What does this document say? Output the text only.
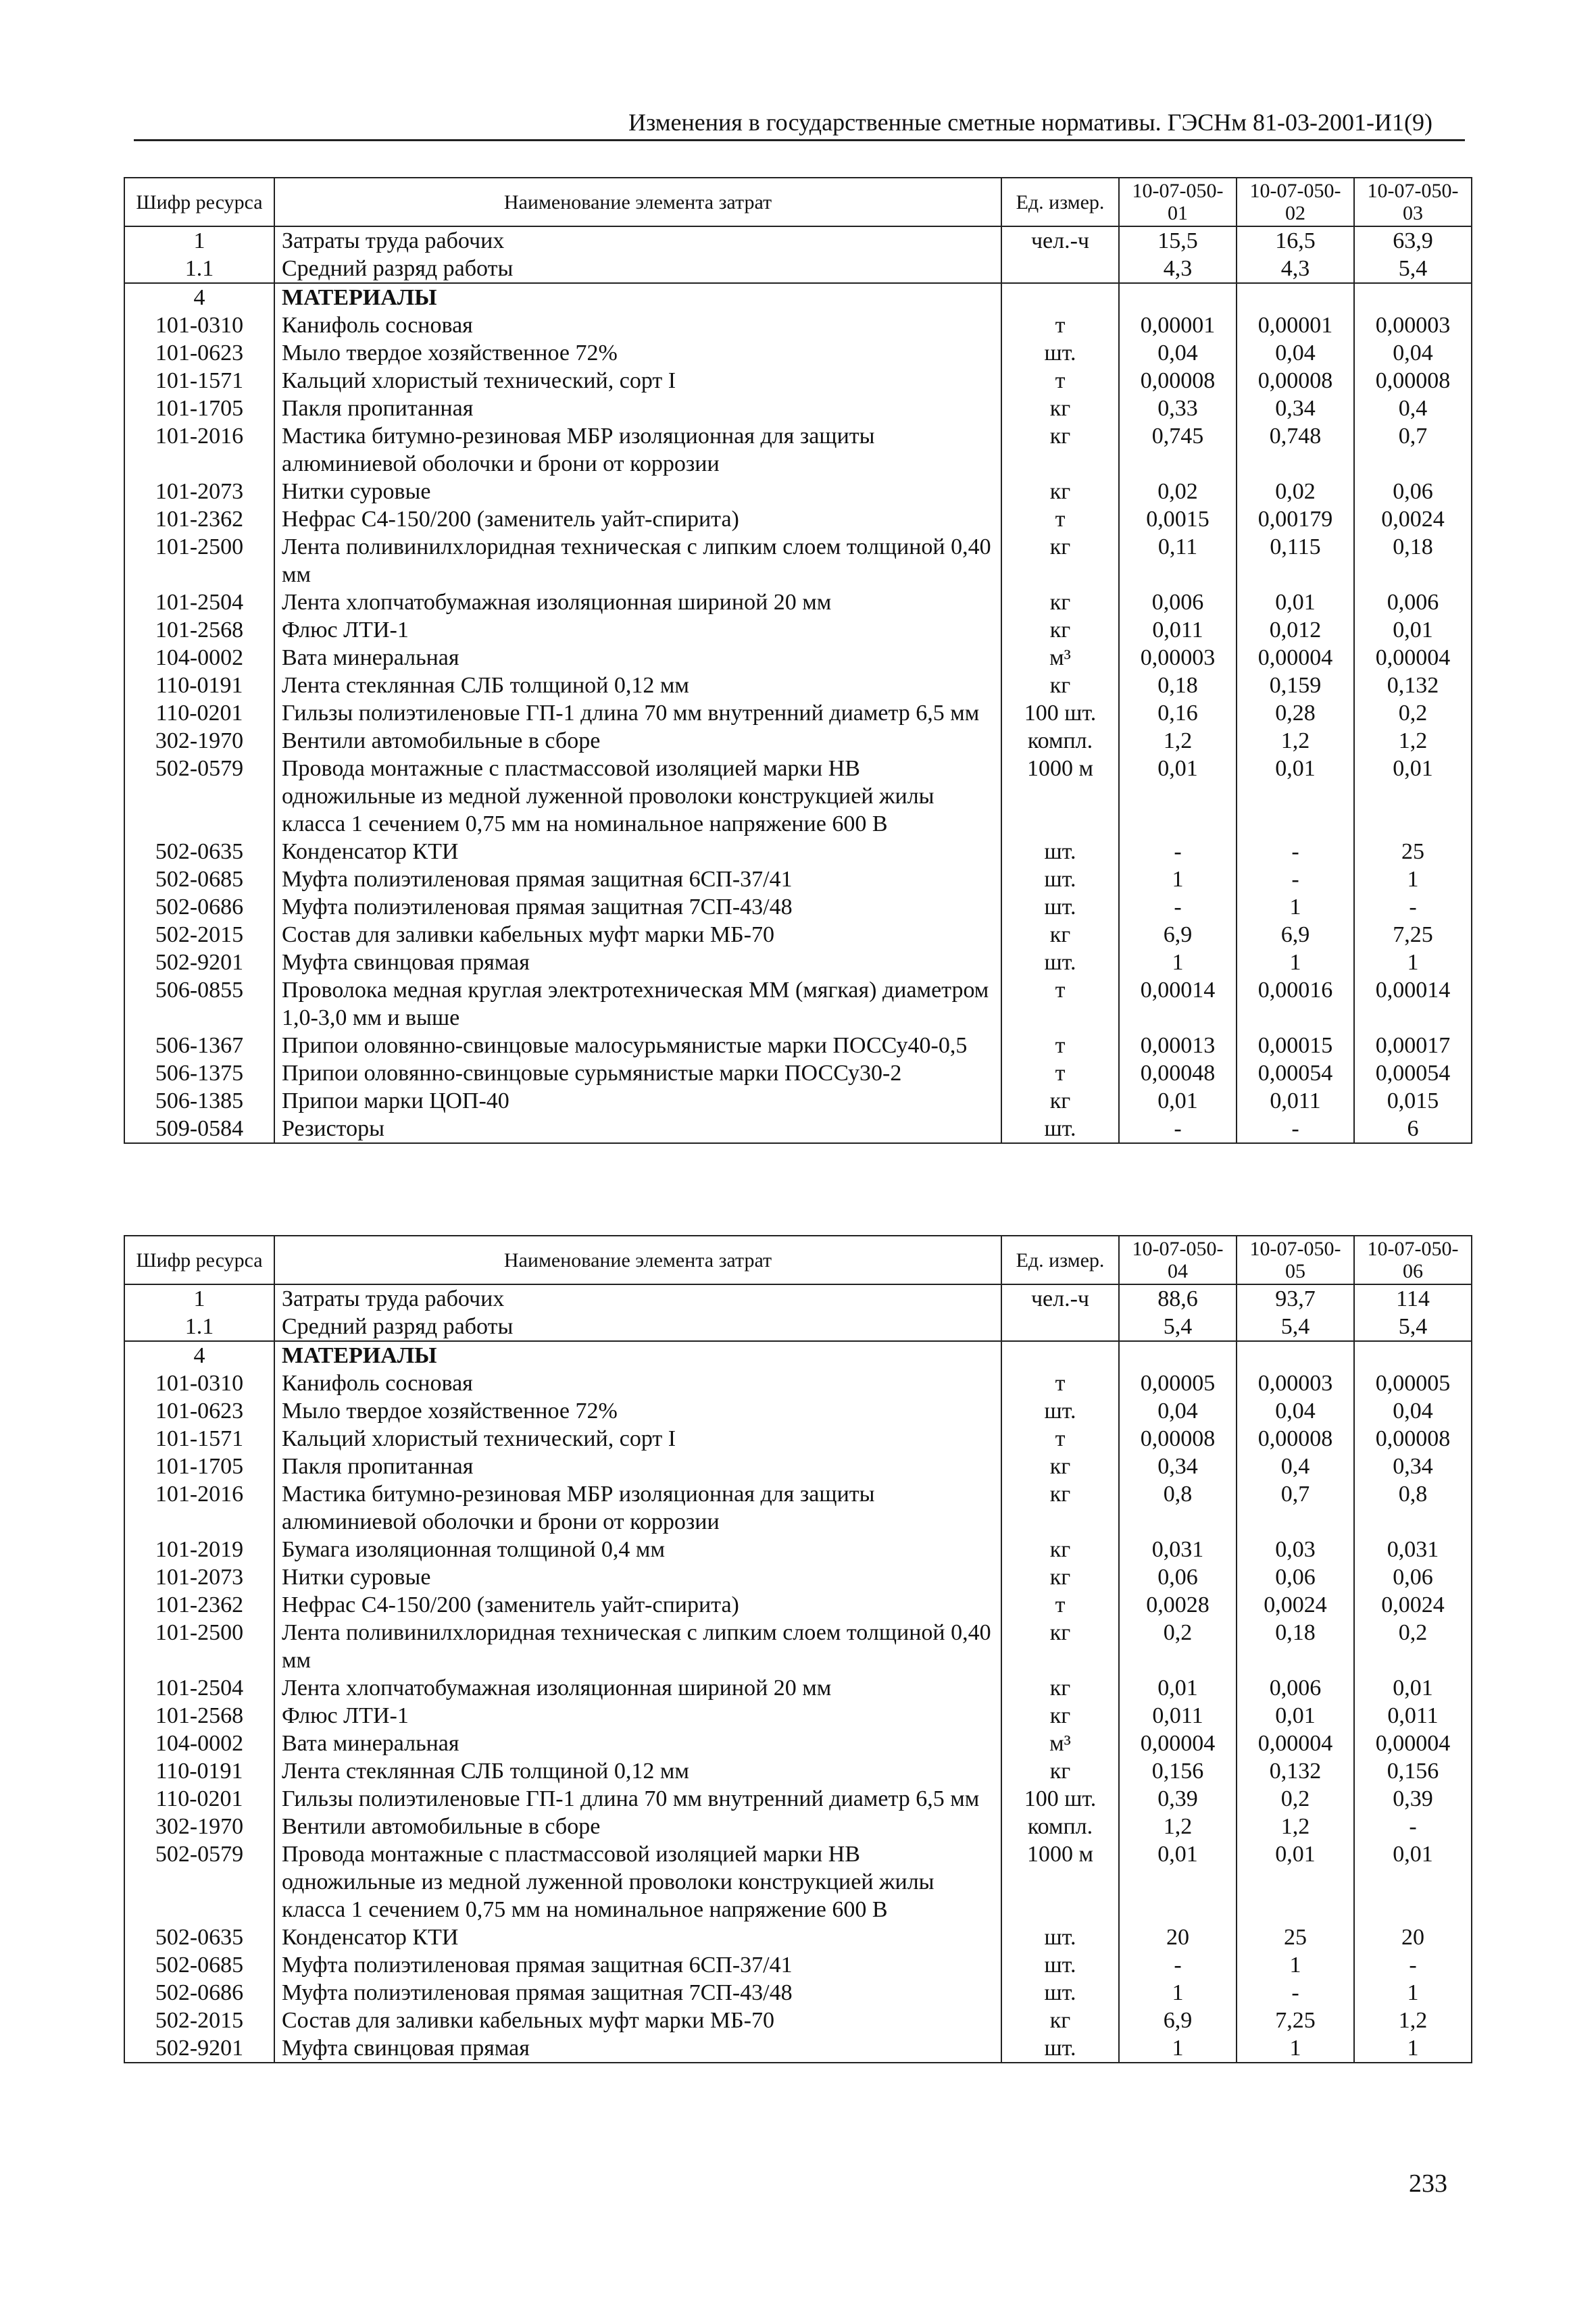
Изменения в государственные сметные нормативы. ГЭСНм 81-03-2001-И1(9)
Шифр ресурса	Наименование элемента затрат	Ед. измер.	10-07-050-01	10-07-050-02	10-07-050-03
1	Затраты труда рабочих	чел.-ч	15,5	16,5	63,9
1.1	Средний разряд работы		4,3	4,3	5,4
4	МАТЕРИАЛЫ				
101-0310	Канифоль сосновая	т	0,00001	0,00001	0,00003
101-0623	Мыло твердое хозяйственное 72%	шт.	0,04	0,04	0,04
101-1571	Кальций хлористый технический, сорт I	т	0,00008	0,00008	0,00008
101-1705	Пакля пропитанная	кг	0,33	0,34	0,4
101-2016	Мастика битумно-резиновая МБР изоляционная для защиты алюминиевой оболочки и брони от коррозии	кг	0,745	0,748	0,7
101-2073	Нитки суровые	кг	0,02	0,02	0,06
101-2362	Нефрас С4-150/200 (заменитель уайт-спирита)	т	0,0015	0,00179	0,0024
101-2500	Лента поливинилхлоридная техническая с липким слоем толщиной 0,40 мм	кг	0,11	0,115	0,18
101-2504	Лента хлопчатобумажная изоляционная шириной 20 мм	кг	0,006	0,01	0,006
101-2568	Флюс ЛТИ-1	кг	0,011	0,012	0,01
104-0002	Вата минеральная	м³	0,00003	0,00004	0,00004
110-0191	Лента стеклянная СЛБ толщиной 0,12 мм	кг	0,18	0,159	0,132
110-0201	Гильзы полиэтиленовые ГП-1 длина 70 мм внутренний диаметр 6,5 мм	100 шт.	0,16	0,28	0,2
302-1970	Вентили автомобильные в сборе	компл.	1,2	1,2	1,2
502-0579	Провода монтажные с пластмассовой изоляцией марки НВ одножильные из медной луженной проволоки конструкцией жилы класса 1 сечением 0,75 мм на номинальное напряжение 600 В	1000 м	0,01	0,01	0,01
502-0635	Конденсатор КТИ	шт.	-	-	25
502-0685	Муфта полиэтиленовая прямая защитная 6СП-37/41	шт.	1	-	1
502-0686	Муфта полиэтиленовая прямая защитная 7СП-43/48	шт.	-	1	-
502-2015	Состав для заливки кабельных муфт марки МБ-70	кг	6,9	6,9	7,25
502-9201	Муфта свинцовая прямая	шт.	1	1	1
506-0855	Проволока медная круглая электротехническая ММ (мягкая) диаметром 1,0-3,0 мм и выше	т	0,00014	0,00016	0,00014
506-1367	Припои оловянно-свинцовые малосурьмянистые марки ПОССу40-0,5	т	0,00013	0,00015	0,00017
506-1375	Припои оловянно-свинцовые сурьмянистые марки ПОССу30-2	т	0,00048	0,00054	0,00054
506-1385	Припои марки ЦОП-40	кг	0,01	0,011	0,015
509-0584	Резисторы	шт.	-	-	6
Шифр ресурса	Наименование элемента затрат	Ед. измер.	10-07-050-04	10-07-050-05	10-07-050-06
1	Затраты труда рабочих	чел.-ч	88,6	93,7	114
1.1	Средний разряд работы		5,4	5,4	5,4
4	МАТЕРИАЛЫ				
101-0310	Канифоль сосновая	т	0,00005	0,00003	0,00005
101-0623	Мыло твердое хозяйственное 72%	шт.	0,04	0,04	0,04
101-1571	Кальций хлористый технический, сорт I	т	0,00008	0,00008	0,00008
101-1705	Пакля пропитанная	кг	0,34	0,4	0,34
101-2016	Мастика битумно-резиновая МБР изоляционная для защиты алюминиевой оболочки и брони от коррозии	кг	0,8	0,7	0,8
101-2019	Бумага изоляционная толщиной 0,4 мм	кг	0,031	0,03	0,031
101-2073	Нитки суровые	кг	0,06	0,06	0,06
101-2362	Нефрас С4-150/200 (заменитель уайт-спирита)	т	0,0028	0,0024	0,0024
101-2500	Лента поливинилхлоридная техническая с липким слоем толщиной 0,40 мм	кг	0,2	0,18	0,2
101-2504	Лента хлопчатобумажная изоляционная шириной 20 мм	кг	0,01	0,006	0,01
101-2568	Флюс ЛТИ-1	кг	0,011	0,01	0,011
104-0002	Вата минеральная	м³	0,00004	0,00004	0,00004
110-0191	Лента стеклянная СЛБ толщиной 0,12 мм	кг	0,156	0,132	0,156
110-0201	Гильзы полиэтиленовые ГП-1 длина 70 мм внутренний диаметр 6,5 мм	100 шт.	0,39	0,2	0,39
302-1970	Вентили автомобильные в сборе	компл.	1,2	1,2	-
502-0579	Провода монтажные с пластмассовой изоляцией марки НВ одножильные из медной луженной проволоки конструкцией жилы класса 1 сечением 0,75 мм на номинальное напряжение 600 В	1000 м	0,01	0,01	0,01
502-0635	Конденсатор КТИ	шт.	20	25	20
502-0685	Муфта полиэтиленовая прямая защитная 6СП-37/41	шт.	-	1	-
502-0686	Муфта полиэтиленовая прямая защитная 7СП-43/48	шт.	1	-	1
502-2015	Состав для заливки кабельных муфт марки МБ-70	кг	6,9	7,25	1,2
502-9201	Муфта свинцовая прямая	шт.	1	1	1
233
